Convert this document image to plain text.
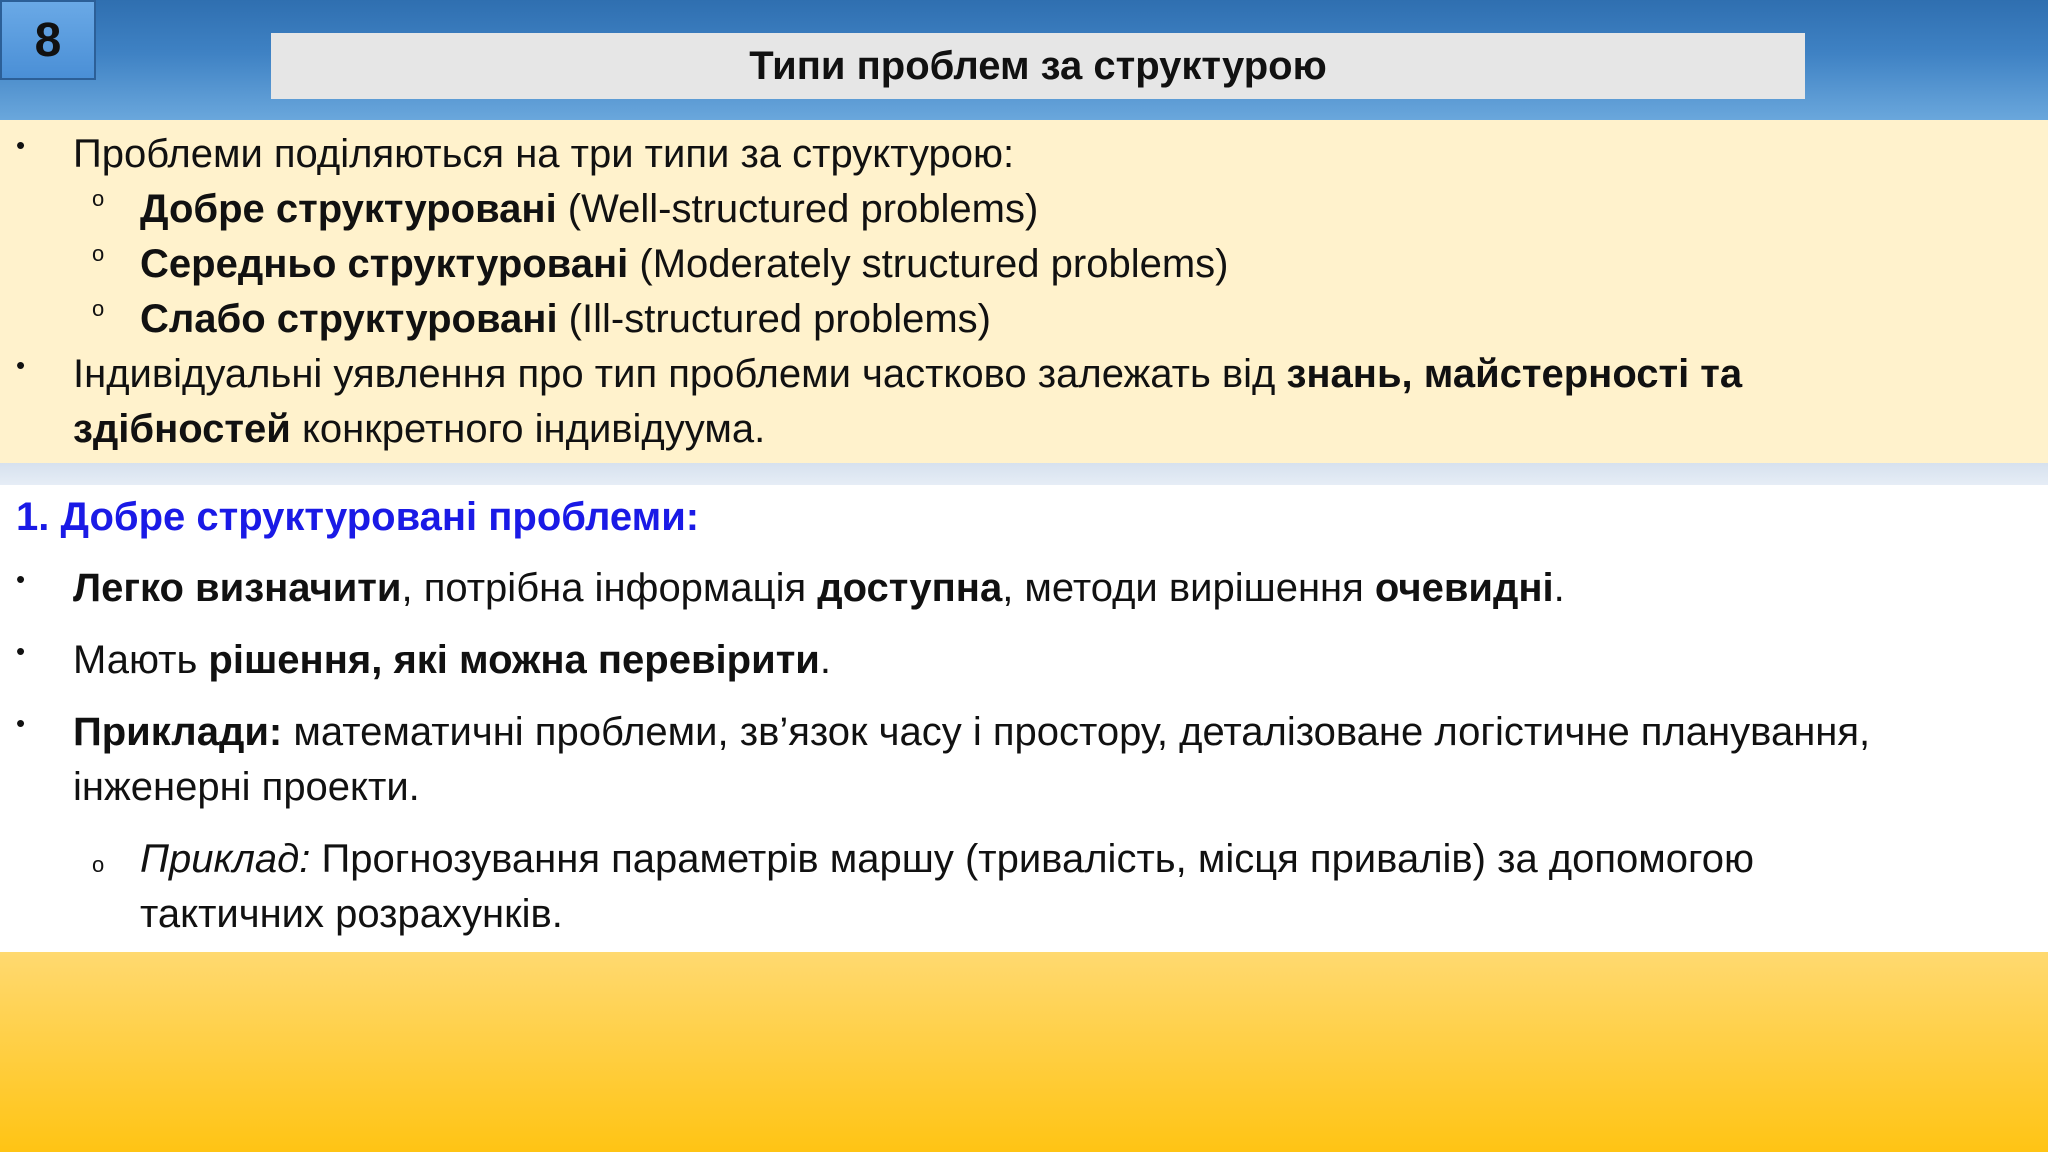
8	Типи проблем за структурою
• Проблеми поділяються на три типи за структурою:
o Добре структуровані (Well-structured problems)
o Середньо структуровані (Moderately structured problems)
o Слабо структуровані (Ill-structured problems)
• Індивідуальні уявлення про тип проблеми частково залежать від знань, майстерності та
здібностей конкретного індивідуума.
1. Добре структуровані проблеми:
• Легко визначити, потрібна інформація доступна, методи вирішення очевидні.
• Мають рішення, які можна перевірити.
• Приклади: математичні проблеми, зв’язок часу і простору, деталізоване логістичне планування,
інженерні проекти.
o Приклад: Прогнозування параметрів маршу (тривалість, місця привалів) за допомогою
тактичних розрахунків.
